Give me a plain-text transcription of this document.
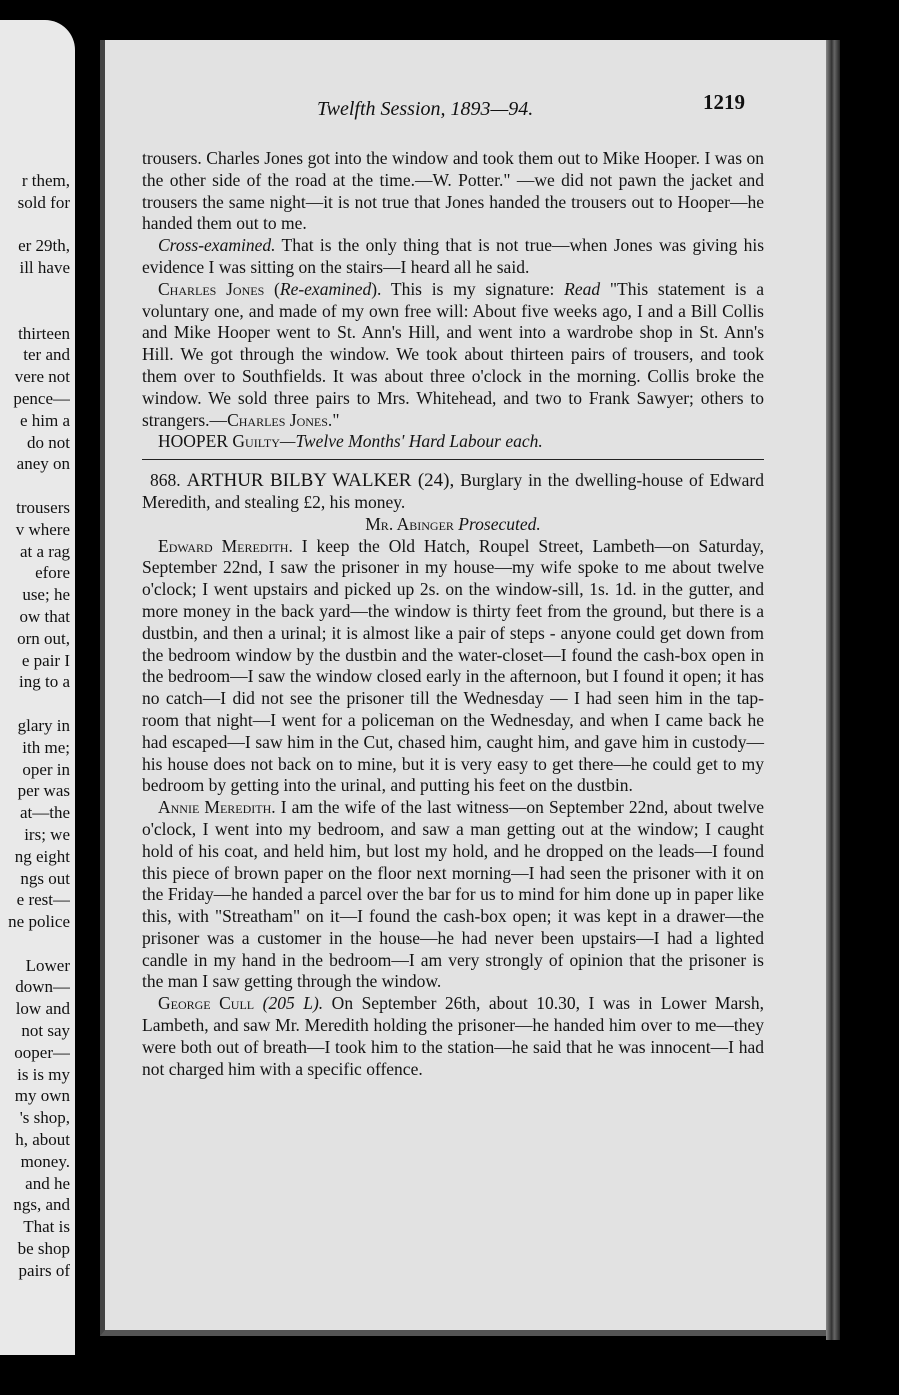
r them,
sold for
er 29th,
ill have
thirteen
ter and
vere not
pence—
e him a
do not
aney on
trousers
v where
at a rag
efore
use; he
ow that
orn out,
e pair I
ing to a
glary in
ith me;
oper in
per was
at—the
irs; we
ng eight
ngs out
e rest—
ne police
Lower
down—
low and
not say
ooper—
is is my
my own
's shop,
h, about
money.
and he
ngs, and
That is
be shop
pairs of
Twelfth Session, 1893—94.	1219

trousers. Charles Jones got into the window and took them out to Mike Hooper. I was on the other side of the road at the time.—W. Potter." —we did not pawn the jacket and trousers the same night—it is not true that Jones handed the trousers out to Hooper—he handed them out to me.

Cross-examined. That is the only thing that is not true—when Jones was giving his evidence I was sitting on the stairs—I heard all he said.

Charles Jones (Re-examined). This is my signature: Read "This statement is a voluntary one, and made of my own free will: About five weeks ago, I and a Bill Collis and Mike Hooper went to St. Ann's Hill, and went into a wardrobe shop in St. Ann's Hill. We got through the window. We took about thirteen pairs of trousers, and took them over to Southfields. It was about three o'clock in the morning. Collis broke the window. We sold three pairs to Mrs. Whitehead, and two to Frank Sawyer; others to strangers.—Charles Jones."

HOOPER Guilty—Twelve Months' Hard Labour each.

868. ARTHUR BILBY WALKER (24), Burglary in the dwelling-house of Edward Meredith, and stealing £2, his money.

Mr. Abinger Prosecuted.

Edward Meredith. I keep the Old Hatch, Roupel Street, Lambeth—on Saturday, September 22nd, I saw the prisoner in my house—my wife spoke to me about twelve o'clock; I went upstairs and picked up 2s. on the window-sill, 1s. 1d. in the gutter, and more money in the back yard—the window is thirty feet from the ground, but there is a dustbin, and then a urinal; it is almost like a pair of steps - anyone could get down from the bedroom window by the dustbin and the water-closet—I found the cash-box open in the bedroom—I saw the window closed early in the afternoon, but I found it open; it has no catch—I did not see the prisoner till the Wednesday — I had seen him in the tap-room that night—I went for a policeman on the Wednesday, and when I came back he had escaped—I saw him in the Cut, chased him, caught him, and gave him in custody—his house does not back on to mine, but it is very easy to get there—he could get to my bedroom by getting into the urinal, and putting his feet on the dustbin.

Annie Meredith. I am the wife of the last witness—on September 22nd, about twelve o'clock, I went into my bedroom, and saw a man getting out at the window; I caught hold of his coat, and held him, but lost my hold, and he dropped on the leads—I found this piece of brown paper on the floor next morning—I had seen the prisoner with it on the Friday—he handed a parcel over the bar for us to mind for him done up in paper like this, with "Streatham" on it—I found the cash-box open; it was kept in a drawer—the prisoner was a customer in the house—he had never been upstairs—I had a lighted candle in my hand in the bedroom—I am very strongly of opinion that the prisoner is the man I saw getting through the window.

George Cull (205 L). On September 26th, about 10.30, I was in Lower Marsh, Lambeth, and saw Mr. Meredith holding the prisoner—he handed him over to me—they were both out of breath—I took him to the station—he said that he was innocent—I had not charged him with a specific offence.
